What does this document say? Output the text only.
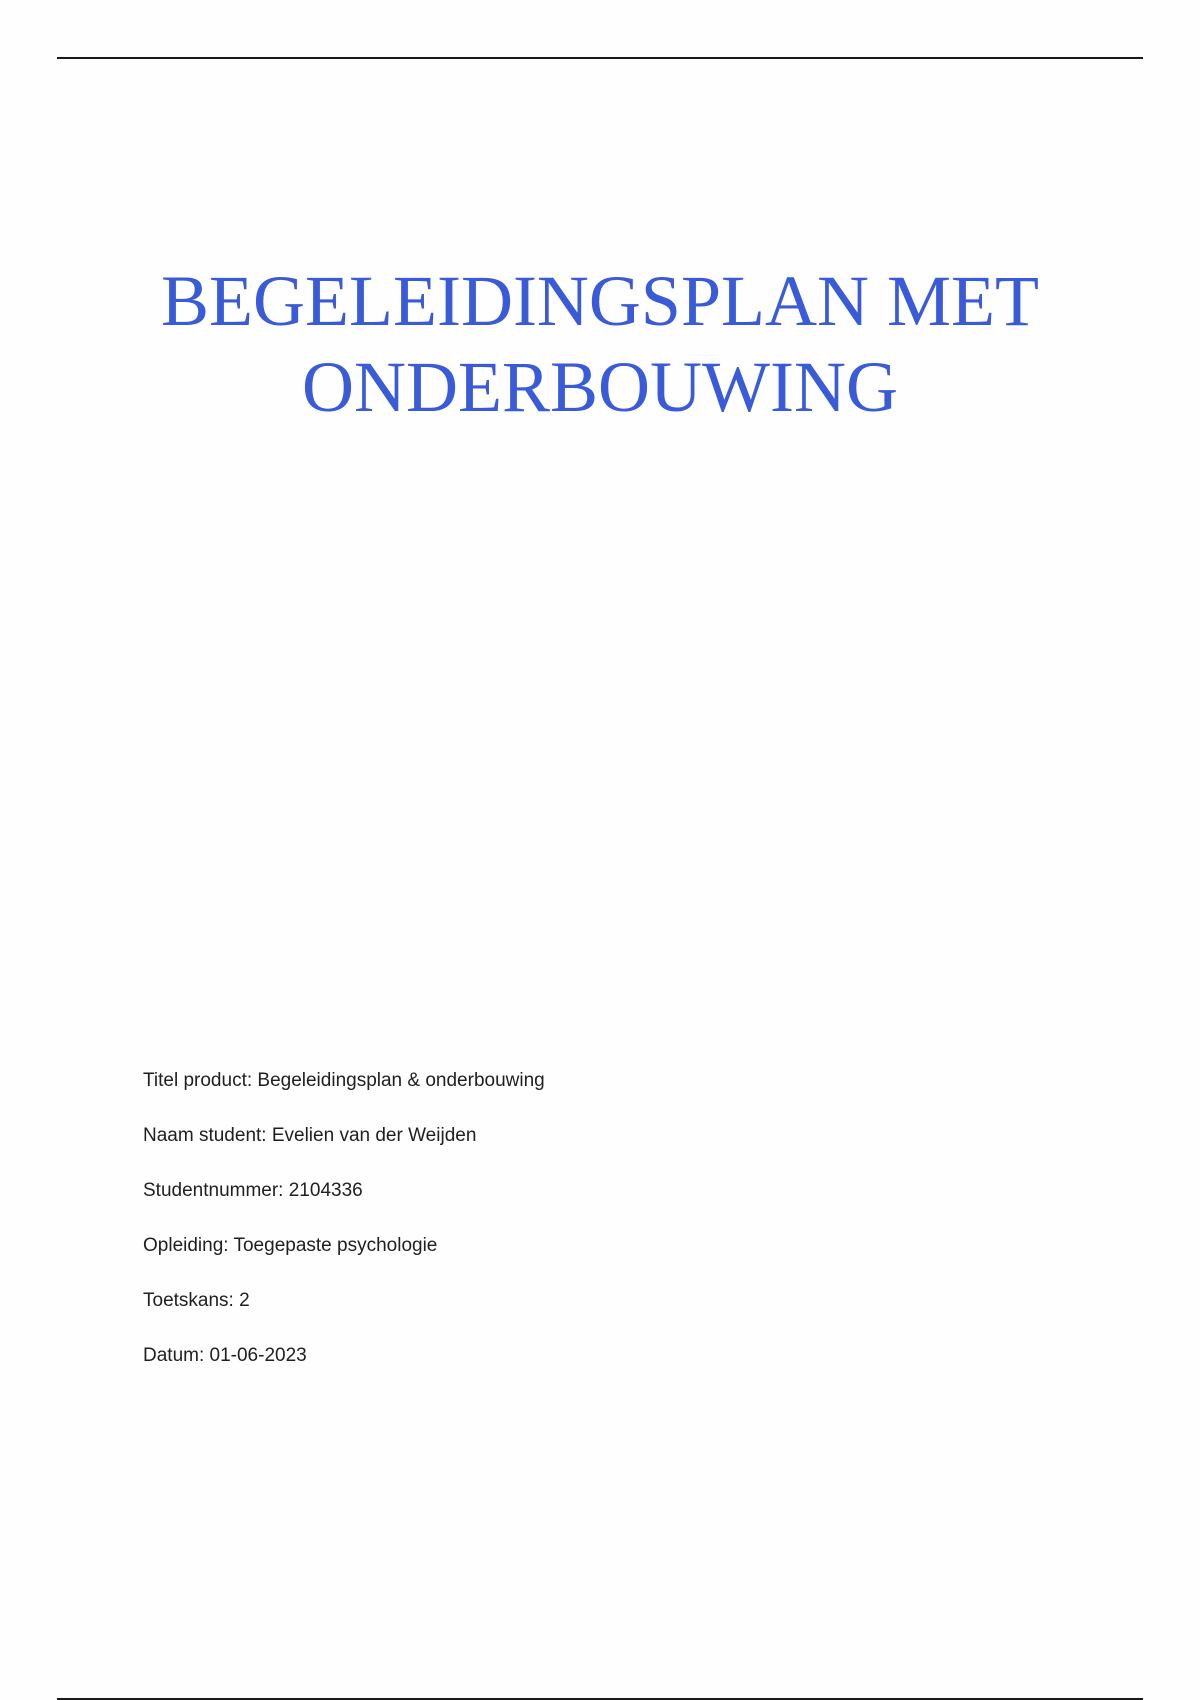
BEGELEIDINGSPLAN MET
ONDERBOUWING
Titel product: Begeleidingsplan & onderbouwing
Naam student: Evelien van der Weijden
Studentnummer: 2104336
Opleiding: Toegepaste psychologie
Toetskans: 2
Datum: 01-06-2023
